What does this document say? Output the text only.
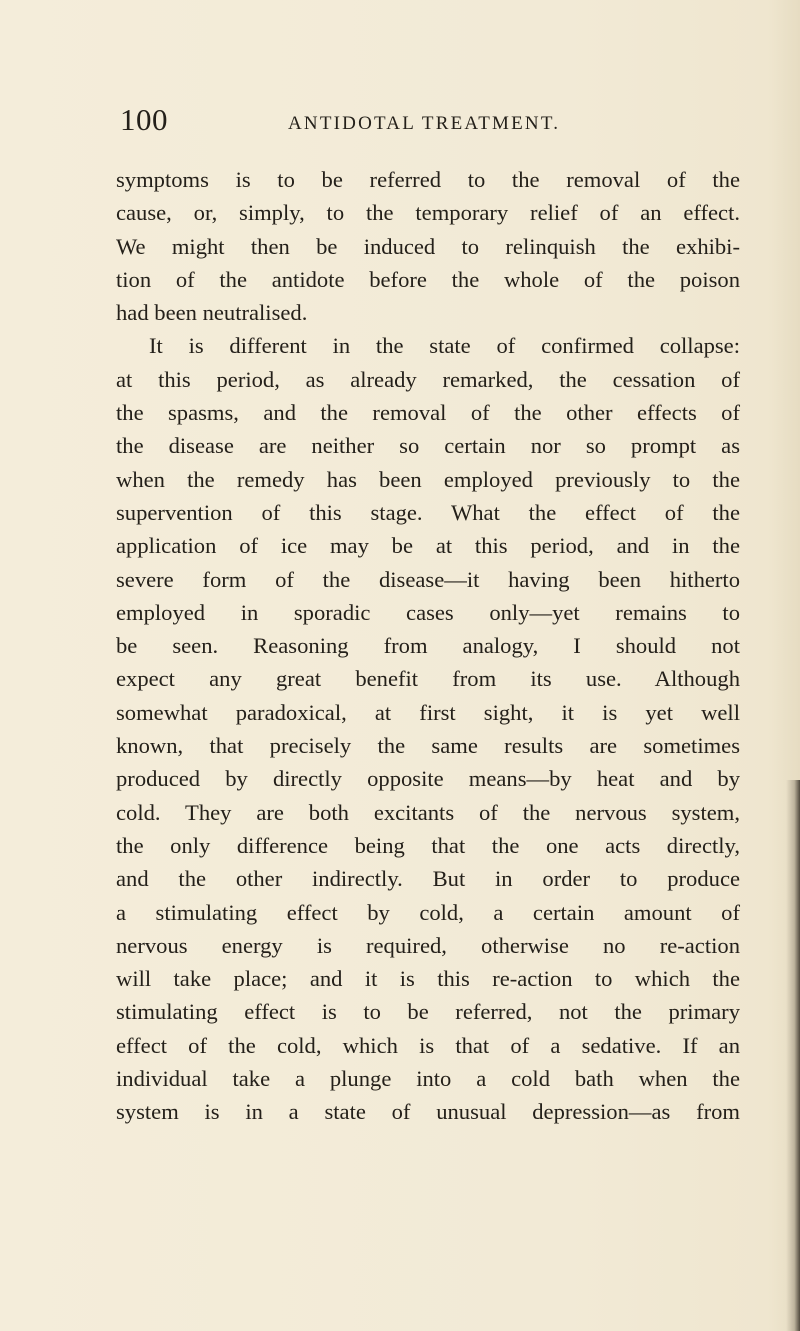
100	ANTIDOTAL TREATMENT.
symptoms is to be referred to the removal of the
cause, or, simply, to the temporary relief of an effect.
We might then be induced to relinquish the exhibi-
tion of the antidote before the whole of the poison
had been neutralised.
It is different in the state of confirmed collapse:
at this period, as already remarked, the cessation of
the spasms, and the removal of the other effects of
the disease are neither so certain nor so prompt as
when the remedy has been employed previously to the
supervention of this stage. What the effect of the
application of ice may be at this period, and in the
severe form of the disease—it having been hitherto
employed in sporadic cases only—yet remains to
be seen. Reasoning from analogy, I should not
expect any great benefit from its use. Although
somewhat paradoxical, at first sight, it is yet well
known, that precisely the same results are sometimes
produced by directly opposite means—by heat and by
cold. They are both excitants of the nervous system,
the only difference being that the one acts directly,
and the other indirectly. But in order to produce
a stimulating effect by cold, a certain amount of
nervous energy is required, otherwise no re-action
will take place; and it is this re-action to which the
stimulating effect is to be referred, not the primary
effect of the cold, which is that of a sedative. If an
individual take a plunge into a cold bath when the
system is in a state of unusual depression—as from
